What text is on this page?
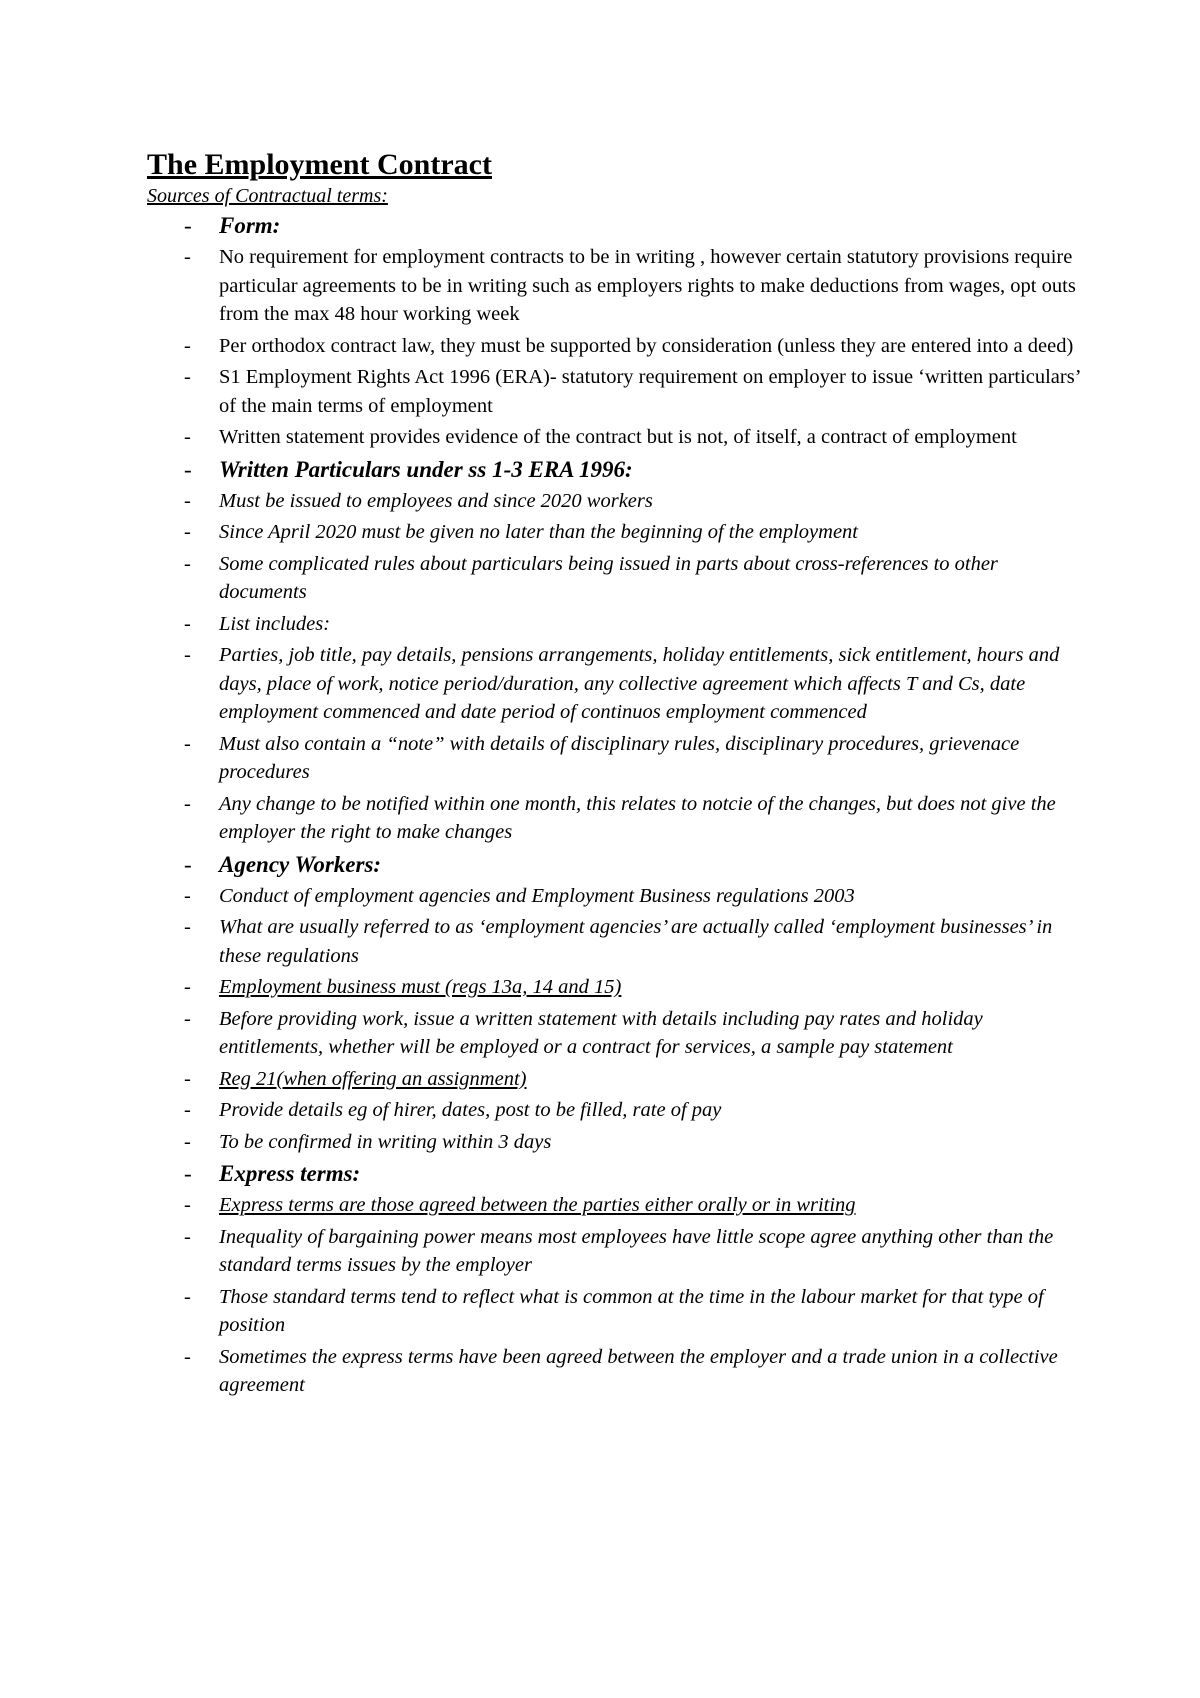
The Employment Contract

Sources of Contractual terms:

- Form:
- No requirement for employment contracts to be in writing , however certain statutory provisions require particular agreements to be in writing such as employers rights to make deductions from wages, opt outs from the max 48 hour working week
- Per orthodox contract law, they must be supported by consideration (unless they are entered into a deed)
- S1 Employment Rights Act 1996 (ERA)- statutory requirement on employer to issue ‘written particulars’ of the main terms of employment
- Written statement provides evidence of the contract but is not, of itself, a contract of employment
- Written Particulars under ss 1-3 ERA 1996:
- Must be issued to employees and since 2020 workers
- Since April 2020 must be given no later than the beginning of the employment
- Some complicated rules about particulars being issued in parts about cross-references to other documents
- List includes:
- Parties, job title, pay details, pensions arrangements, holiday entitlements, sick entitlement, hours and days, place of work, notice period/duration, any collective agreement which affects T and Cs, date employment commenced and date period of continuos employment commenced
- Must also contain a “note” with details of disciplinary rules, disciplinary procedures, grievenace procedures
- Any change to be notified within one month, this relates to notcie of the changes, but does not give the employer the right to make changes
- Agency Workers:
- Conduct of employment agencies and Employment Business regulations 2003
- What are usually referred to as ‘employment agencies’ are actually called ‘employment businesses’ in these regulations
- Employment business must (regs 13a, 14 and 15)
- Before providing work, issue a written statement with details including pay rates and holiday entitlements, whether will be employed or a contract for services, a sample pay statement
- Reg 21(when offering an assignment)
- Provide details eg of hirer, dates, post to be filled, rate of pay
- To be confirmed in writing within 3 days
- Express terms:
- Express terms are those agreed between the parties either orally or in writing
- Inequality of bargaining power means most employees have little scope agree anything other than the standard terms issues by the employer
- Those standard terms tend to reflect what is common at the time in the labour market for that type of position
- Sometimes the express terms have been agreed between the employer and a trade union in a collective agreement
